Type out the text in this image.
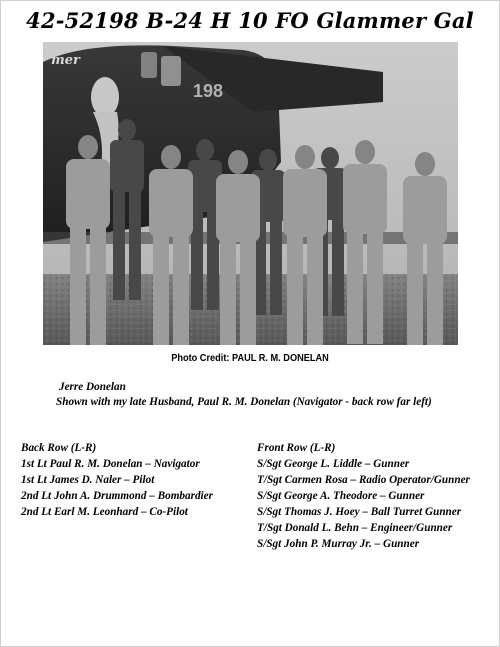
42-52198 B-24 H 10 FO Glammer Gal
mer
198
Photo Credit: PAUL R. M. DONELAN
Jerre Donelan
Shown with my late Husband, Paul R. M. Donelan (Navigator - back row far left)
Back Row (L-R)
1st Lt Paul R. M. Donelan – Navigator
1st Lt James D. Naler – Pilot
2nd Lt John A. Drummond – Bombardier
2nd Lt Earl M. Leonhard – Co-Pilot
Front Row (L-R)
S/Sgt George L. Liddle – Gunner
T/Sgt Carmen Rosa – Radio Operator/Gunner
S/Sgt George A. Theodore – Gunner
S/Sgt Thomas J. Hoey – Ball Turret Gunner
T/Sgt Donald L. Behn – Engineer/Gunner
S/Sgt John P. Murray Jr. – Gunner
